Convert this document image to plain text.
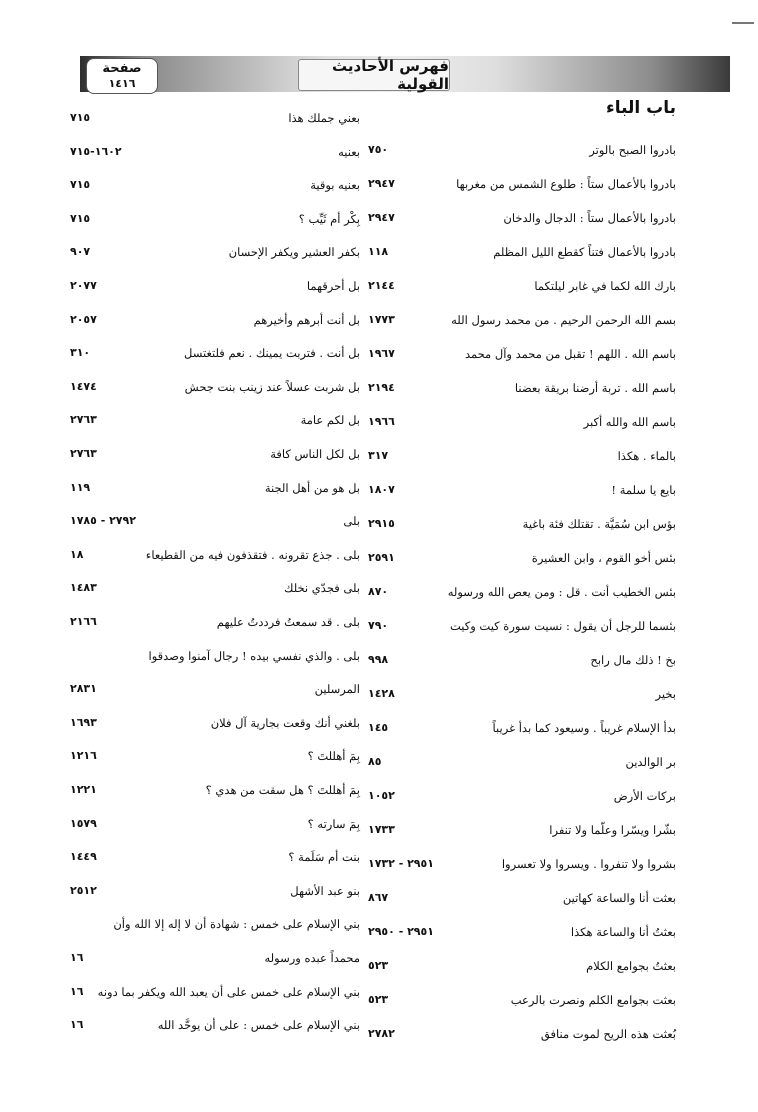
فهرس الأحاديث القولية
صفحة
١٤١٦
باب الباء
بادروا الصبح بالوتر
٧٥٠
بادروا بالأعمال ستاً : طلوع الشمس من مغربها
٢٩٤٧
بادروا بالأعمال ستاً : الدجال والدخان
٢٩٤٧
بادروا بالأعمال فتناً كقطع الليل المظلم
١١٨
بارك الله لكما في غابر ليلتكما
٢١٤٤
بسم الله الرحمن الرحيم . من محمد رسول الله
١٧٧٣
باسم الله . اللهم ! تقبل من محمد وآل محمد
١٩٦٧
باسم الله . تربة أرضنا بريقة بعضنا
٢١٩٤
باسم الله والله أكبر
١٩٦٦
بالماء . هكذا
٣١٧
بايع يا سلمة !
١٨٠٧
بؤس ابن سُمَيَّة . تقتلك فئة باغية
٢٩١٥
بئس أخو القوم ، وابن العشيرة
٢٥٩١
بئس الخطيب أنت . قل : ومن يعص الله ورسوله
٨٧٠
بئسما للرجل أن يقول : نسيت سورة كيت وكيت
٧٩٠
بخ ! ذلك مال رابح
٩٩٨
بخير
١٤٢٨
بدأ الإسلام غريباً . وسيعود كما بدأ غريباً
١٤٥
بر الوالدين
٨٥
بركات الأرض
١٠٥٢
بشّرا ويسّرا وعلّما ولا تنفرا
١٧٣٣
بشروا ولا تنفروا . ويسروا ولا تعسروا
٢٩٥١ - ١٧٣٢
بعثت أنا والساعة كهاتين
٨٦٧
بعثتُ أنا والساعة هكذا
٢٩٥١ - ٢٩٥٠
بعثتُ بجوامع الكلام
٥٢٣
بعثت بجوامع الكلم ونصرت بالرعب
٥٢٣
بُعثت هذه الريح لموت منافق
٢٧٨٢
بعني جملك هذا
٧١٥
بعنيه
١٦٠٢-٧١٥
بعنيه بوقية
٧١٥
بِكْر أم ثَيِّب ؟
٧١٥
بكفر العشير ويكفر الإحسان
٩٠٧
بل أحرقهما
٢٠٧٧
بل أنت أبرهم وأخيرهم
٢٠٥٧
بل أنت . فتربت يمينك . نعم فلتغتسل
٣١٠
بل شربت عسلاً عند زينب بنت جحش
١٤٧٤
بل لكم عامة
٢٧٦٣
بل لكل الناس كافة
٢٧٦٣
بل هو من أهل الجنة
١١٩
بلى
٢٧٩٢ - ١٧٨٥
بلى . جذع تقرونه . فتقذفون فيه من القطيعاء
١٨
بلى فجدّي نخلك
١٤٨٣
بلى . قد سمعتُ فرددتُ عليهم
٢١٦٦
بلى . والذي نفسي بيده ! رجال آمنوا وصدقوا
المرسلين
٢٨٣١
بلغني أنك وقعت بجارية آل فلان
١٦٩٣
بِمَ أهللتَ ؟
١٢١٦
بِمَ أهللتَ ؟ هل سقت من هدي ؟
١٢٢١
بِمَ سارته ؟
١٥٧٩
بنت أم سَلَمة ؟
١٤٤٩
بنو عبد الأشهل
٢٥١٢
بني الإسلام على خمس : شهادة أن لا إله إلا الله وأن
محمداً عبده ورسوله
١٦
بني الإسلام على خمس على أن يعبد الله ويكفر بما دونه
١٦
بني الإسلام على خمس : على أن يوحَّد الله
١٦
